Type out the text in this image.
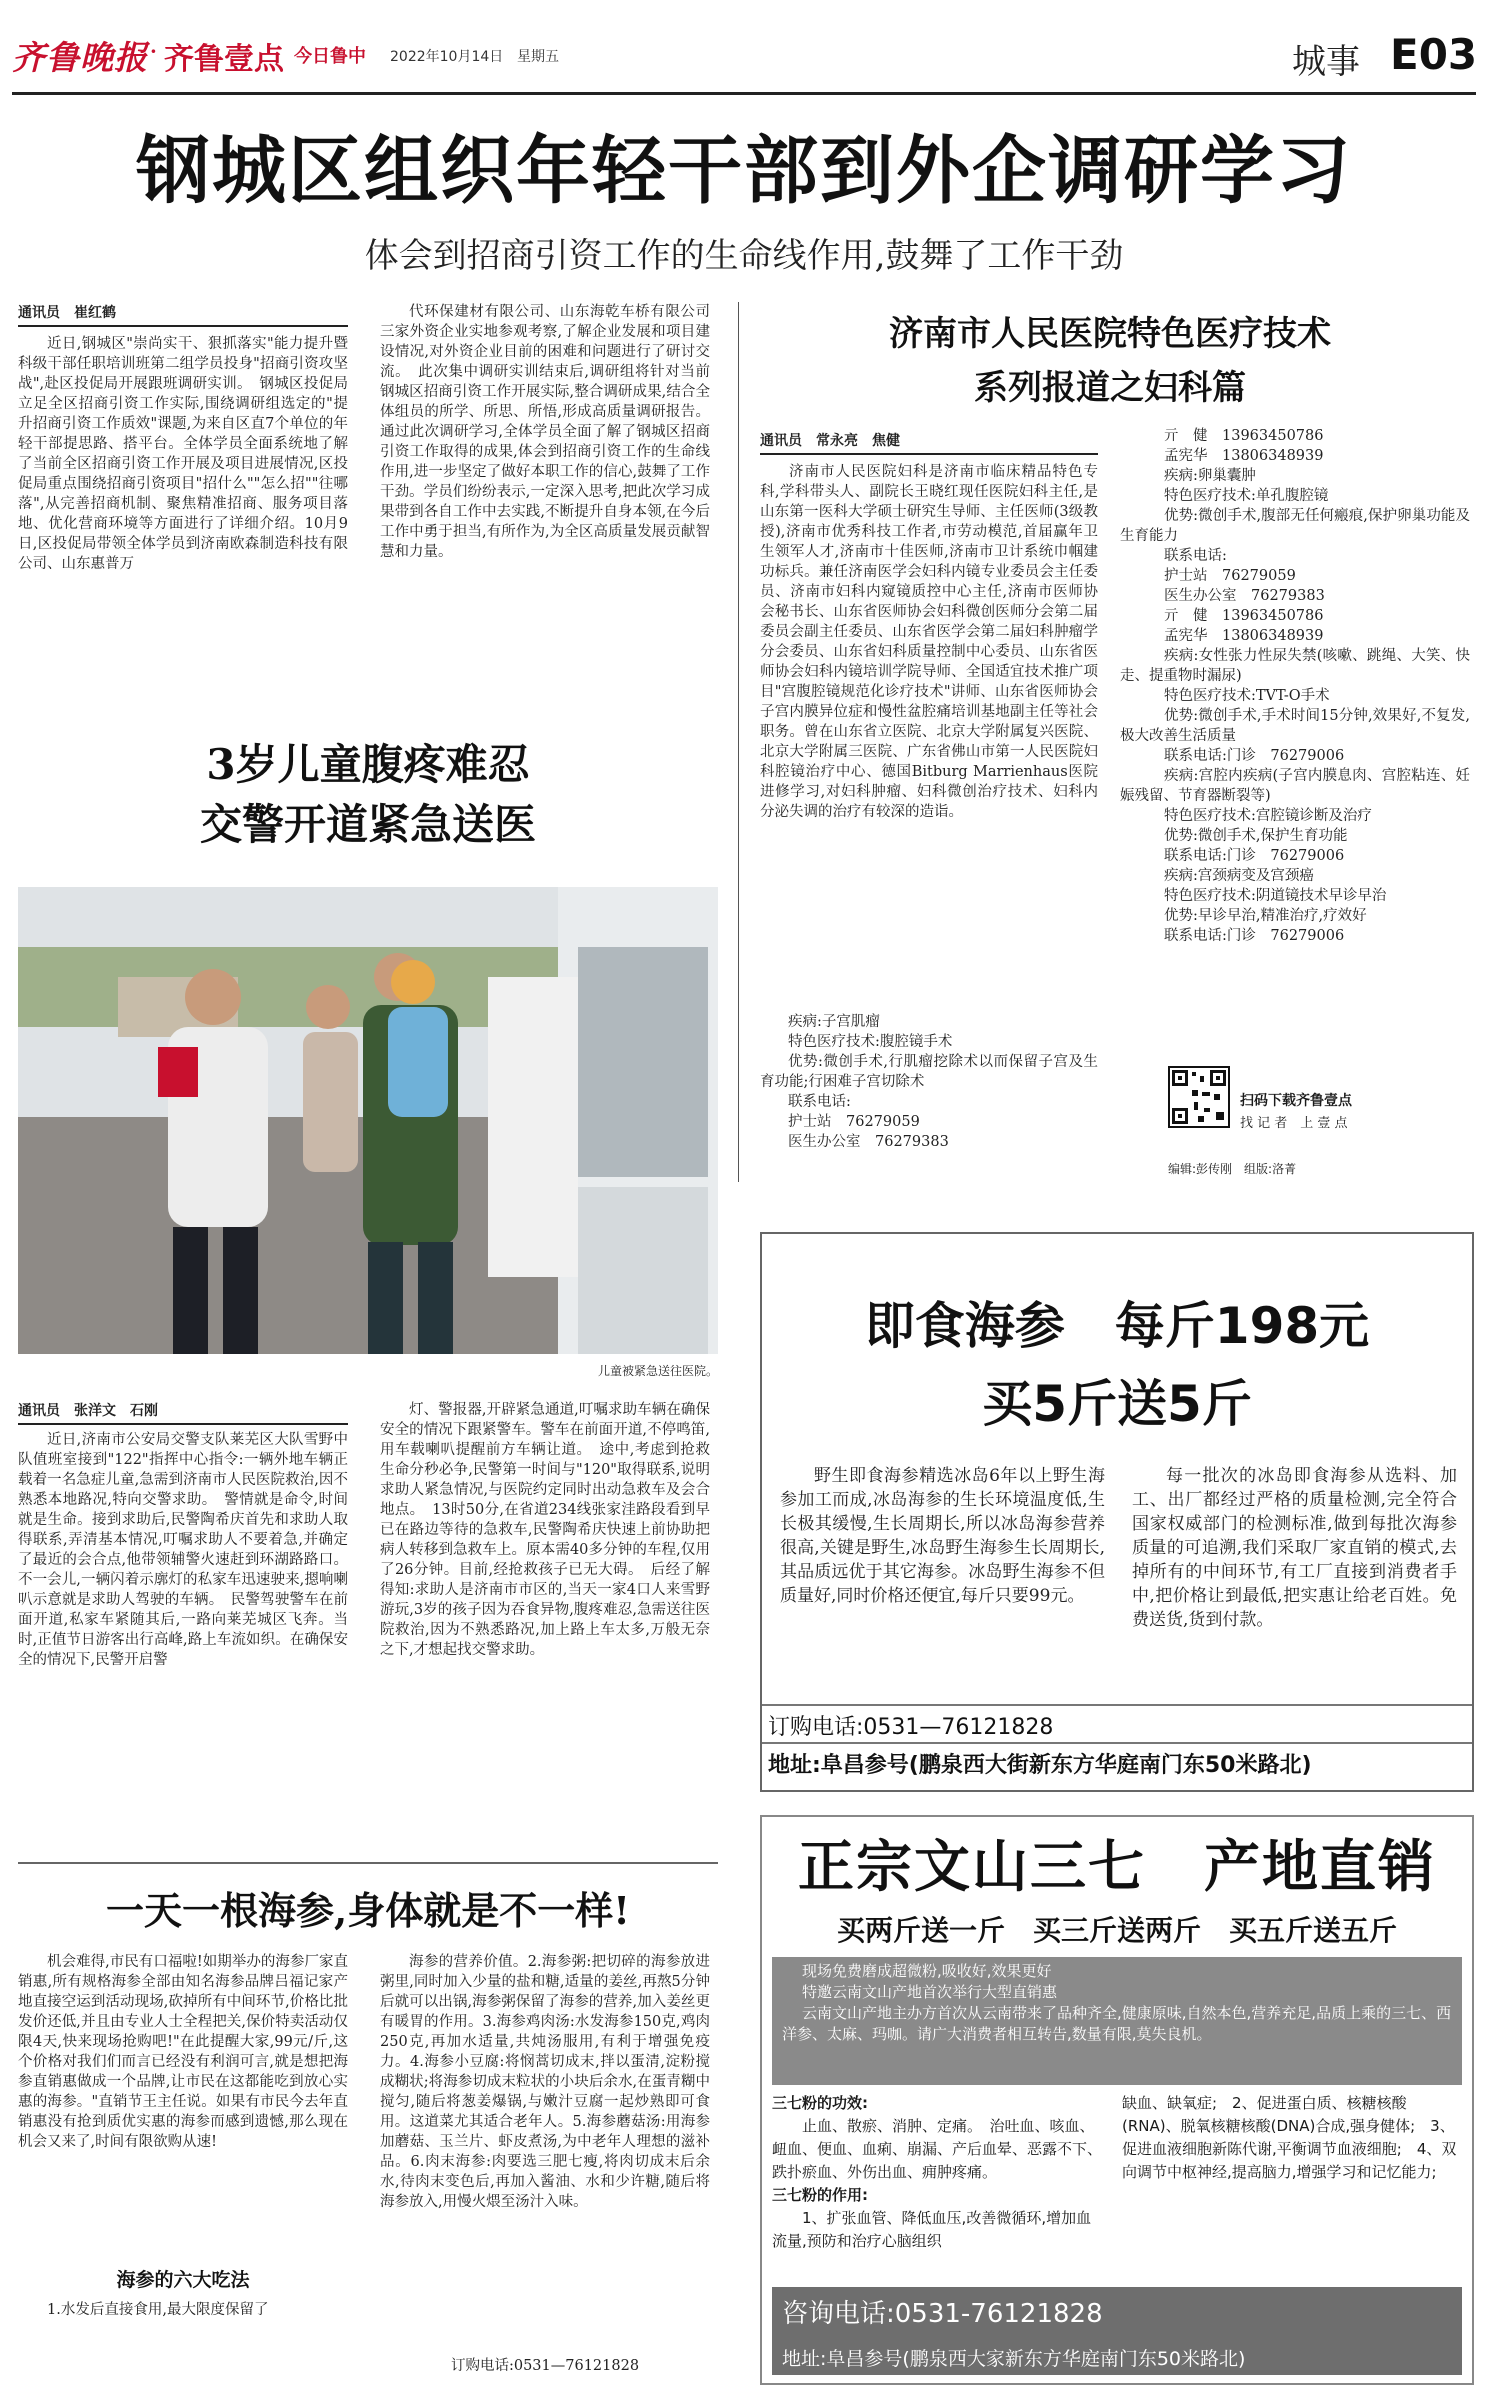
齐鲁晚报 · 齐鲁壹点 今日鲁中 2022年10月14日 星期五	城事 E03
钢城区组织年轻干部到外企调研学习
体会到招商引资工作的生命线作用,鼓舞了工作干劲
通讯员　崔红鹤

近日,钢城区"崇尚实干、狠抓落实"能力提升暨科级干部任职培训班第二组学员投身"招商引资攻坚战",赴区投促局开展跟班调研实训。　钢城区投促局立足全区招商引资工作实际,围绕调研组选定的"提升招商引资工作质效"课题,为来自区直7个单位的年轻干部提思路、搭平台。全体学员全面系统地了解了当前全区招商引资工作开展及项目进展情况,区投促局重点围绕招商引资项目"招什么""怎么招""往哪落",从完善招商机制、聚焦精准招商、服务项目落地、优化营商环境等方面进行了详细介绍。10月9日,区投促局带领全体学员到济南欧森制造科技有限公司、山东惠普万

代环保建材有限公司、山东海乾车桥有限公司三家外资企业实地参观考察,了解企业发展和项目建设情况,对外资企业目前的困难和问题进行了研讨交流。　此次集中调研实训结束后,调研组将针对当前钢城区招商引资工作开展实际,整合调研成果,结合全体组员的所学、所思、所悟,形成高质量调研报告。通过此次调研学习,全体学员全面了解了钢城区招商引资工作取得的成果,体会到招商引资工作的生命线作用,进一步坚定了做好本职工作的信心,鼓舞了工作干劲。学员们纷纷表示,一定深入思考,把此次学习成果带到各自工作中去实践,不断提升自身本领,在今后工作中勇于担当,有所作为,为全区高质量发展贡献智慧和力量。

3岁儿童腹疼难忍
交警开道紧急送医
儿童被紧急送往医院。
通讯员　张洋文　石刚

近日,济南市公安局交警支队莱芜区大队雪野中队值班室接到"122"指挥中心指令:一辆外地车辆正载着一名急症儿童,急需到济南市人民医院救治,因不熟悉本地路况,特向交警求助。　警情就是命令,时间就是生命。接到求助后,民警陶希庆首先和求助人取得联系,弄清基本情况,叮嘱求助人不要着急,并确定了最近的会合点,他带领辅警火速赶到环湖路路口。不一会儿,一辆闪着示廓灯的私家车迅速驶来,摁响喇叭示意就是求助人驾驶的车辆。　民警驾驶警车在前面开道,私家车紧随其后,一路向莱芜城区飞奔。当时,正值节日游客出行高峰,路上车流如织。在确保安全的情况下,民警开启警

灯、警报器,开辟紧急通道,叮嘱求助车辆在确保安全的情况下跟紧警车。警车在前面开道,不停鸣笛,用车载喇叭提醒前方车辆让道。　途中,考虑到抢救生命分秒必争,民警第一时间与"120"取得联系,说明求助人紧急情况,与医院约定同时出动急救车及会合地点。　13时50分,在省道234线张家洼路段看到早已在路边等待的急救车,民警陶希庆快速上前协助把病人转移到急救车上。原本需40多分钟的车程,仅用了26分钟。目前,经抢救孩子已无大碍。　后经了解得知:求助人是济南市市区的,当天一家4口人来雪野游玩,3岁的孩子因为吞食异物,腹疼难忍,急需送往医院救治,因为不熟悉路况,加上路上车太多,万般无奈之下,才想起找交警求助。

一天一根海参,身体就是不一样!

机会难得,市民有口福啦!如期举办的海参厂家直销惠,所有规格海参全部由知名海参品牌吕福记家产地直接空运到活动现场,砍掉所有中间环节,价格比批发价还低,并且由专业人士全程把关,保价特卖活动仅限4天,快来现场抢购吧!"在此提醒大家,99元/斤,这个价格对我们们而言已经没有利润可言,就是想把海参直销惠做成一个品牌,让市民在这都能吃到放心实惠的海参。"直销节王主任说。如果有市民今去年直销惠没有抢到质优实惠的海参而感到遗憾,那么现在机会又来了,时间有限欲购从速!

海参的六大吃法

1.水发后直接食用,最大限度保留了

海参的营养价值。2.海参粥:把切碎的海参放进粥里,同时加入少量的盐和糖,适量的姜丝,再熬5分钟后就可以出锅,海参粥保留了海参的营养,加入姜丝更有暖胃的作用。3.海参鸡肉汤:水发海参150克,鸡肉250克,再加水适量,共炖汤服用,有利于增强免疫力。4.海参小豆腐:将悯蒿切成末,拌以蛋清,淀粉搅成糊状;将海参切成末粒状的小块后余水,在蛋青糊中搅匀,随后将葱姜爆锅,与嫩汁豆腐一起炒熟即可食用。这道菜尤其适合老年人。5.海参蘑菇汤:用海参加蘑菇、玉兰片、虾皮煮汤,为中老年人理想的滋补品。6.肉末海参:肉要选三肥七瘦,将肉切成末后余水,待肉末变色后,再加入酱油、水和少许糖,随后将海参放入,用慢火煨至汤汁入味。

订购电话:0531—76121828
济南市人民医院特色医疗技术
系列报道之妇科篇
通讯员　常永亮　焦健

济南市人民医院妇科是济南市临床精品特色专科,学科带头人、副院长王晓红现任医院妇科主任,是山东第一医科大学硕士研究生导师、主任医师(3级教授),济南市优秀科技工作者,市劳动模范,首届赢年卫生领军人才,济南市十佳医师,济南市卫计系统巾帼建功标兵。兼任济南医学会妇科内镜专业委员会主任委员、济南市妇科内窥镜质控中心主任,济南市医师协会秘书长、山东省医师协会妇科微创医师分会第二届委员会副主任委员、山东省医学会第二届妇科肿瘤学分会委员、山东省妇科质量控制中心委员、山东省医师协会妇科内镜培训学院导师、全国适宜技术推广项目"宫腹腔镜规范化诊疗技术"讲师、山东省医师协会子宫内膜异位症和慢性盆腔痛培训基地副主任等社会职务。曾在山东省立医院、北京大学附属复兴医院、北京大学附属三医院、广东省佛山市第一人民医院妇科腔镜治疗中心、德国Bitburg Marrienhaus医院进修学习,对妇科肿瘤、妇科微创治疗技术、妇科内分泌失调的治疗有较深的造诣。

疾病:子宫肌瘤
特色医疗技术:腹腔镜手术
优势:微创手术,行肌瘤挖除术以而保留子宫及生育功能;行困难子宫切除术
联系电话:
护士站　76279059
医生办公室　76279383
亓　健　13963450786
孟宪华　13806348939
疾病:卵巢囊肿
特色医疗技术:单孔腹腔镜
优势:微创手术,腹部无任何瘢痕,保护卵巢功能及生育能力
联系电话:
护士站　76279059
医生办公室　76279383
亓　健　13963450786
孟宪华　13806348939
疾病:女性张力性尿失禁(咳嗽、跳绳、大笑、快走、提重物时漏尿)
特色医疗技术:TVT-O手术
优势:微创手术,手术时间15分钟,效果好,不复发,极大改善生活质量
联系电话:门诊　76279006
疾病:宫腔内疾病(子宫内膜息肉、宫腔粘连、妊娠残留、节育器断裂等)
特色医疗技术:宫腔镜诊断及治疗
优势:微创手术,保护生育功能
联系电话:门诊　76279006
疾病:宫颈病变及宫颈癌
特色医疗技术:阴道镜技术早诊早治
优势:早诊早治,精准治疗,疗效好
联系电话:门诊　76279006
扫码下载齐鲁壹点
找 记 者　上 壹 点
编辑:彭传刚　组版:洛菁
即食海参　每斤198元
买5斤送5斤

野生即食海参精选冰岛6年以上野生海参加工而成,冰岛海参的生长环境温度低,生长极其缓慢,生长周期长,所以冰岛海参营养很高,关键是野生,冰岛野生海参生长周期长,其品质远优于其它海参。冰岛野生海参不但质量好,同时价格还便宜,每斤只要99元。

每一批次的冰岛即食海参从选料、加工、出厂都经过严格的质量检测,完全符合国家权威部门的检测标准,做到每批次海参质量的可追溯,我们采取厂家直销的模式,去掉所有的中间环节,有工厂直接到消费者手中,把价格让到最低,把实惠让给老百姓。免费送货,货到付款。

订购电话:0531—76121828
地址:阜昌参号(鹏泉西大街新东方华庭南门东50米路北)
正宗文山三七　产地直销
买两斤送一斤　买三斤送两斤　买五斤送五斤
现场免费磨成超微粉,吸收好,效果更好
特邀云南文山产地首次举行大型直销惠
云南文山产地主办方首次从云南带来了品种齐全,健康原味,自然本色,营养充足,品质上乘的三七、西洋参、太麻、玛咖。请广大消费者相互转告,数量有限,莫失良机。
三七粉的功效:
止血、散瘀、消肿、定痛。　治吐血、咳血、衄血、便血、血痢、崩漏、产后血晕、恶露不下、跌扑瘀血、外伤出血、痈肿疼痛。
三七粉的作用:
1、扩张血管、降低血压,改善微循环,增加血流量,预防和治疗心脑组织
缺血、缺氧症;　2、促进蛋白质、核糖核酸(RNA)、脱氧核糖核酸(DNA)合成,强身健体;　3、促进血液细胞新陈代谢,平衡调节血液细胞;　4、双向调节中枢神经,提高脑力,增强学习和记忆能力;
咨询电话:0531-76121828
地址:阜昌参号(鹏泉西大家新东方华庭南门东50米路北)
